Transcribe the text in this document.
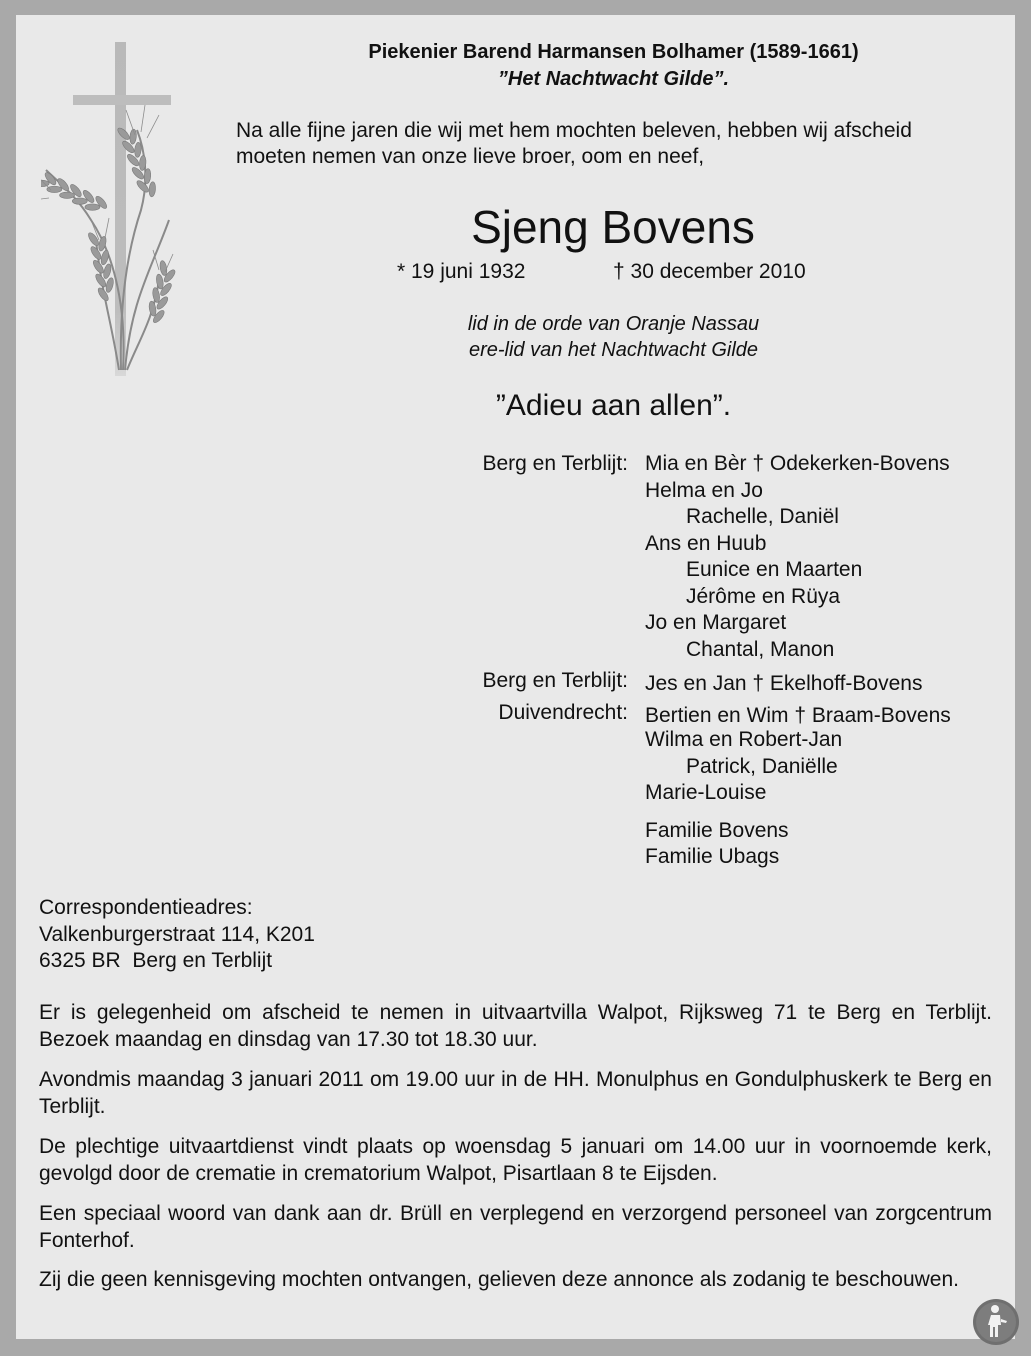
Piekenier Barend Harmansen Bolhamer (1589-1661)
”Het Nachtwacht Gilde”.
Na alle fijne jaren die wij met hem mochten beleven, hebben wij afscheid
moeten nemen van onze lieve broer, oom en neef,
Sjeng Bovens
* 19 juni 1932	† 30 december 2010
lid in de orde van Oranje Nassau
ere-lid van het Nachtwacht Gilde
”Adieu aan allen”.
Berg en Terblijt:
Berg en Terblijt:
Duivendrecht:
Mia en Bèr † Odekerken-Bovens
Helma en Jo
Rachelle, Daniël
Ans en Huub
Eunice en Maarten
Jérôme en Rüya
Jo en Margaret
Chantal, Manon
Jes en Jan † Ekelhoff-Bovens
Bertien en Wim † Braam-Bovens
Wilma en Robert-Jan
Patrick, Daniëlle
Marie-Louise
Familie Bovens
Familie Ubags
Correspondentieadres:
Valkenburgerstraat 114, K201
6325 BR  Berg en Terblijt
Er is gelegenheid om afscheid te nemen in uitvaartvilla Walpot, Rijksweg 71 te Berg en Terblijt. Bezoek maandag en dinsdag van 17.30 tot 18.30 uur.
Avondmis maandag 3 januari 2011 om 19.00 uur in de HH. Monulphus en Gondulphuskerk te Berg en Terblijt.
De plechtige uitvaartdienst vindt plaats op woensdag 5 januari om 14.00 uur in voornoemde kerk, gevolgd door de crematie in crematorium Walpot, Pisartlaan 8 te Eijsden.
Een speciaal woord van dank aan dr. Brüll en verplegend en verzorgend personeel van zorgcentrum Fonterhof.
Zij die geen kennisgeving mochten ontvangen, gelieven deze annonce als zodanig te beschouwen.
